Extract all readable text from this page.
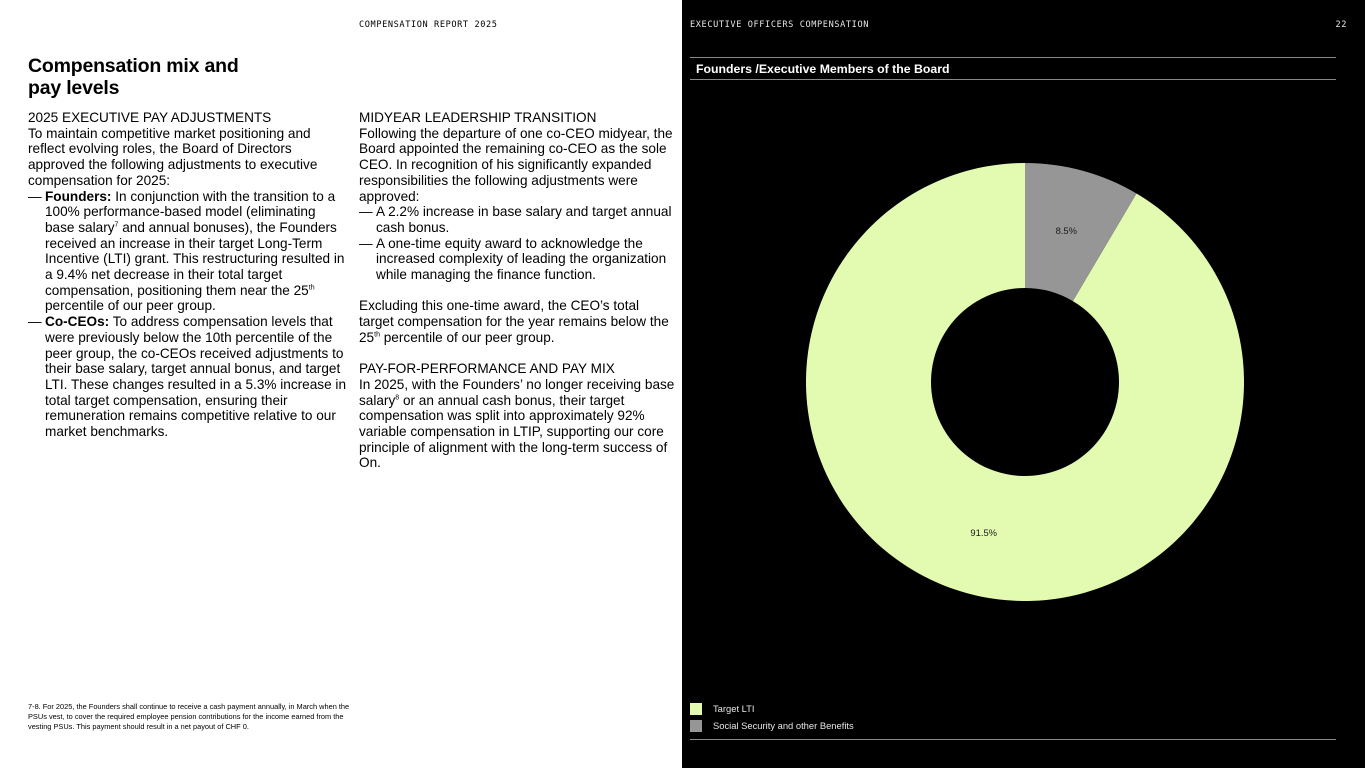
COMPENSATION REPORT 2025
Compensation mix and
pay levels
2025 EXECUTIVE PAY ADJUSTMENTS

To maintain competitive market positioning and reflect evolving roles, the Board of Directors approved the following adjustments to executive compensation for 2025:

— Founders: In conjunction with the transition to a 100% performance-based model (eliminating base salary$^7$ and annual bonuses), the Founders received an increase in their target Long-Term Incentive (LTI) grant. This restructuring resulted in a 9.4% net decrease in their total target compensation, positioning them near the 25th percentile of our peer group.
— Co-CEOs: To address compensation levels that were previously below the 10th percentile of the peer group, the co-CEOs received adjustments to their base salary, target annual bonus, and target LTI. These changes resulted in a 5.3% increase in total target compensation, ensuring their remuneration remains competitive relative to our market benchmarks.
MIDYEAR LEADERSHIP TRANSITION

Following the departure of one co-CEO midyear, the Board appointed the remaining co-CEO as the sole CEO. In recognition of his significantly expanded responsibilities the following adjustments were approved:

— A 2.2% increase in base salary and target annual cash bonus.
— A one-time equity award to acknowledge the increased complexity of leading the organization while managing the finance function.

Excluding this one-time award, the CEO’s total target compensation for the year remains below the 25th percentile of our peer group.

PAY-FOR-PERFORMANCE AND PAY MIX

In 2025, with the Founders’ no longer receiving base salary$^8$ or an annual cash bonus, their target compensation was split into approximately 92% variable compensation in LTIP, supporting our core principle of alignment with the long-term success of On.

7-8. For 2025, the Founders shall continue to receive a cash payment annually, in March when the PSUs vest, to cover the required employee pension contributions for the income earned from the vesting PSUs. This payment should result in a net payout of CHF 0.

EXECUTIVE OFFICERS COMPENSATION	22
Founders /Executive Members of the Board
91.5%
8.5%
Target LTI
Social Security and other Benefits
